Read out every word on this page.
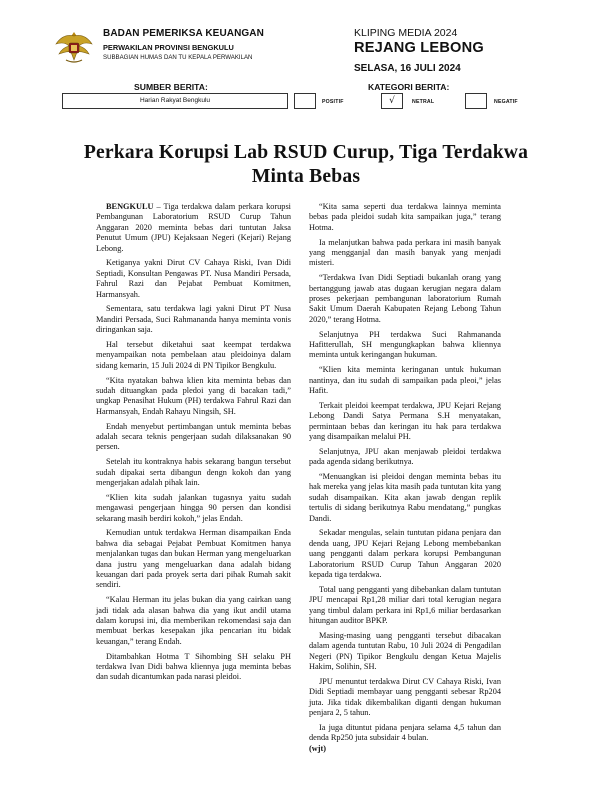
BADAN PEMERIKSA KEUANGAN
PERWAKILAN PROVINSI BENGKULU
SUBBAGIAN HUMAS DAN TU KEPALA PERWAKILAN
KLIPING MEDIA 2024
REJANG LEBONG
SELASA, 16 JULI 2024
SUMBER BERITA:	KATEGORI BERITA:
Harian Rakyat Bengkulu	POSITIF	√	NETRAL	NEGATIF
Perkara Korupsi Lab RSUD Curup, Tiga Terdakwa Minta Bebas

BENGKULU – Tiga terdakwa dalam perkara korupsi Pembangunan Laboratorium RSUD Curup Tahun Anggaran 2020 meminta bebas dari tuntutan Jaksa Penutut Umum (JPU) Kejaksaan Negeri (Kejari) Rejang Lebong.

Ketiganya yakni Dirut CV Cahaya Riski, Ivan Didi Septiadi, Konsultan Pengawas PT. Nusa Mandiri Persada, Fahrul Razi dan Pejabat Pembuat Komitmen, Harmansyah.

Sementara, satu terdakwa lagi yakni Dirut PT Nusa Mandiri Persada, Suci Rahmananda hanya meminta vonis diringankan saja.

Hal tersebut diketahui saat keempat terdakwa menyampaikan nota pembelaan atau pleidoinya dalam sidang kemarin, 15 Juli 2024 di PN Tipikor Bengkulu.

“Kita nyatakan bahwa klien kita meminta bebas dan sudah dituangkan pada pledoi yang di bacakan tadi,” ungkap Penasihat Hukum (PH) terdakwa Fahrul Razi dan Harmansyah, Endah Rahayu Ningsih, SH.

Endah menyebut pertimbangan untuk meminta bebas adalah secara teknis pengerjaan sudah dilaksanakan 90 persen.

Setelah itu kontraknya habis sekarang bangun tersebut sudah dipakai serta dibangun dengn kokoh dan yang mengerjakan adalah pihak lain.

“Klien kita sudah jalankan tugasnya yaitu sudah mengawasi pengerjaan hingga 90 persen dan kondisi sekarang masih berdiri kokoh,” jelas Endah.

Kemudian untuk terdakwa Herman disampaikan Enda bahwa dia sebagai Pejabat Pembuat Komitmen hanya menjalankan tugas dan bukan Herman yang mengeluarkan dana justru yang mengeluarkan dana adalah bidang keuangan dari pada proyek serta dari pihak Rumah sakit sendiri.

“Kalau Herman itu jelas bukan dia yang cairkan uang jadi tidak ada alasan bahwa dia yang ikut andil utama dalam korupsi ini, dia memberikan rekomendasi saja dan membuat berkas kesepakan jika pencarian itu bidak keuangan,” terang Endah.

Ditambahkan Hotma T Sihombing SH selaku PH terdakwa Ivan Didi bahwa kliennya juga meminta bebas dan sudah dicantumkan pada narasi pleidoi.

“Kita sama seperti dua terdakwa lainnya meminta bebas pada pleidoi sudah kita sampaikan juga,” terang Hotma.

Ia melanjutkan bahwa pada perkara ini masih banyak yang mengganjal dan masih banyak yang menjadi misteri.

“Terdakwa Ivan Didi Septiadi bukanlah orang yang bertanggung jawab atas dugaan kerugian negara dalam proses pekerjaan pembangunan laboratorium Rumah Sakit Umum Daerah Kabupaten Rejang Lebong Tahun 2020,” terang Hotma.

Selanjutnya PH terdakwa Suci Rahmananda Hafitterullah, SH mengungkapkan bahwa kliennya meminta untuk keringangan hukuman.

“Klien kita meminta keringanan untuk hukuman nantinya, dan itu sudah di sampaikan pada pleoi,” jelas Hafit.

Terkait pleidoi keempat terdakwa, JPU Kejari Rejang Lebong Dandi Satya Permana S.H menyatakan, permintaan bebas dan keringan itu hak para terdakwa yang disampaikan melalui PH.

Selanjutnya, JPU akan menjawab pleidoi terdakwa pada agenda sidang berikutnya.

“Menuangkan isi pleidoi dengan meminta bebas itu hak mereka yang jelas kita masih pada tuntutan kita yang sudah disampaikan. Kita akan jawab dengan replik tertulis di sidang berikutnya Rabu mendatang,” pungkas Dandi.

Sekadar mengulas, selain tuntutan pidana penjara dan denda uang, JPU Kejari Rejang Lebong membebankan uang pengganti dalam perkara korupsi Pembangunan Laboratorium RSUD Curup Tahun Anggaran 2020 kepada tiga terdakwa.

Total uang pengganti yang dibebankan dalam tuntutan JPU mencapai Rp1,28 miliar dari total kerugian negara yang timbul dalam perkara ini Rp1,6 miliar berdasarkan hitungan auditor BPKP.

Masing-masing uang pengganti tersebut dibacakan dalam agenda tuntutan Rabu, 10 Juli 2024 di Pengadilan Negeri (PN) Tipikor Bengkulu dengan Ketua Majelis Hakim, Solihin, SH.

JPU menuntut terdakwa Dirut CV Cahaya Riski, Ivan Didi Septiadi membayar uang pengganti sebesar Rp204 juta. Jika tidak dikembalikan diganti dengan hukuman penjara 2, 5 tahun.

Ia juga dituntut pidana penjara selama 4,5 tahun dan denda Rp250 juta subsidair 4 bulan.
(wjt)
